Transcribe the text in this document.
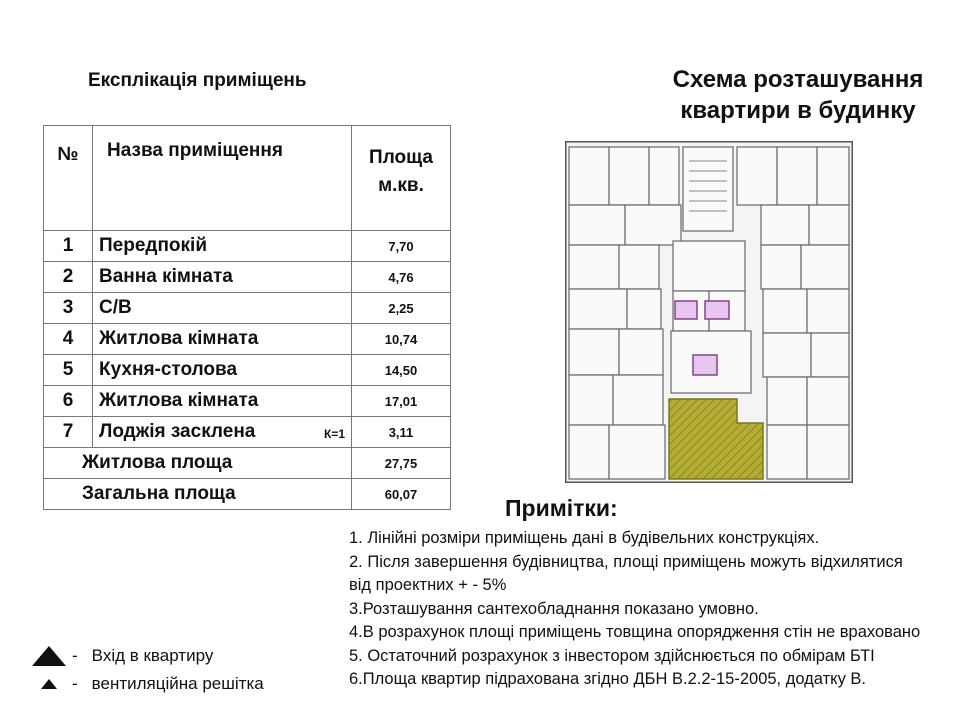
Експлікація приміщень
№	Назва приміщення	Площа
м.кв.

1	Передпокій	7,70
2	Ванна кімната	4,76
3	С/В	2,25
4	Житлова кімната	10,74
5	Кухня-столова	14,50
6	Житлова кімната	17,01
7	Лоджія засклена К=1	3,11
Житлова площа		27,75
Загальна площа		60,07
Схема розташування
квартири в будинку
Примітки:
1. Лінійні розміри приміщень дані в будівельних конструкціях.
2. Після завершення будівництва, площі приміщень можуть відхилятися
від проектних + - 5%
3.Розташування сантехобладнання показано умовно.
4.В розрахунок площі приміщень товщина опорядження стін не враховано
5. Остаточний розрахунок з інвестором здійснюється по обмірам БТІ
6.Площа квартир підрахована згідно ДБН В.2.2-15-2005, додатку В.
- Вхід в квартиру
- вентиляційна решітка
